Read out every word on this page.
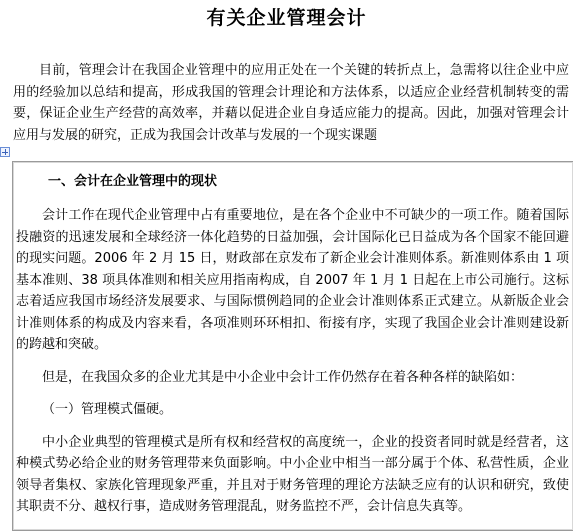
有关企业管理会计

目前，管理会计在我国企业管理中的应用正处在一个关键的转折点上，急需将以往企业中应用的经验加以总结和提高，形成我国的管理会计理论和方法体系，以适应企业经营机制转变的需要，保证企业生产经营的高效率，并藉以促进企业自身适应能力的提高。因此，加强对管理会计应用与发展的研究，正成为我国会计改革与发展的一个现实课题

一、会计在企业管理中的现状

会计工作在现代企业管理中占有重要地位，是在各个企业中不可缺少的一项工作。随着国际投融资的迅速发展和全球经济一体化趋势的日益加强，会计国际化已日益成为各个国家不能回避的现实问题。2006 年 2 月 15 日，财政部在京发布了新企业会计准则体系。新准则体系由 1 项基本准则、38 项具体准则和相关应用指南构成，自 2007 年 1 月 1 日起在上市公司施行。这标志着适应我国市场经济发展要求、与国际惯例趋同的企业会计准则体系正式建立。从新版企业会计准则体系的构成及内容来看，各项准则环环相扣、衔接有序，实现了我国企业会计准则建设新的跨越和突破。

但是，在我国众多的企业尤其是中小企业中会计工作仍然存在着各种各样的缺陷如：

（一）管理模式僵硬。

中小企业典型的管理模式是所有权和经营权的高度统一，企业的投资者同时就是经营者，这种模式势必给企业的财务管理带来负面影响。中小企业中相当一部分属于个体、私营性质，企业领导者集权、家族化管理现象严重，并且对于财务管理的理论方法缺乏应有的认识和研究，致使其职责不分、越权行事，造成财务管理混乱，财务监控不严，会计信息失真等。
